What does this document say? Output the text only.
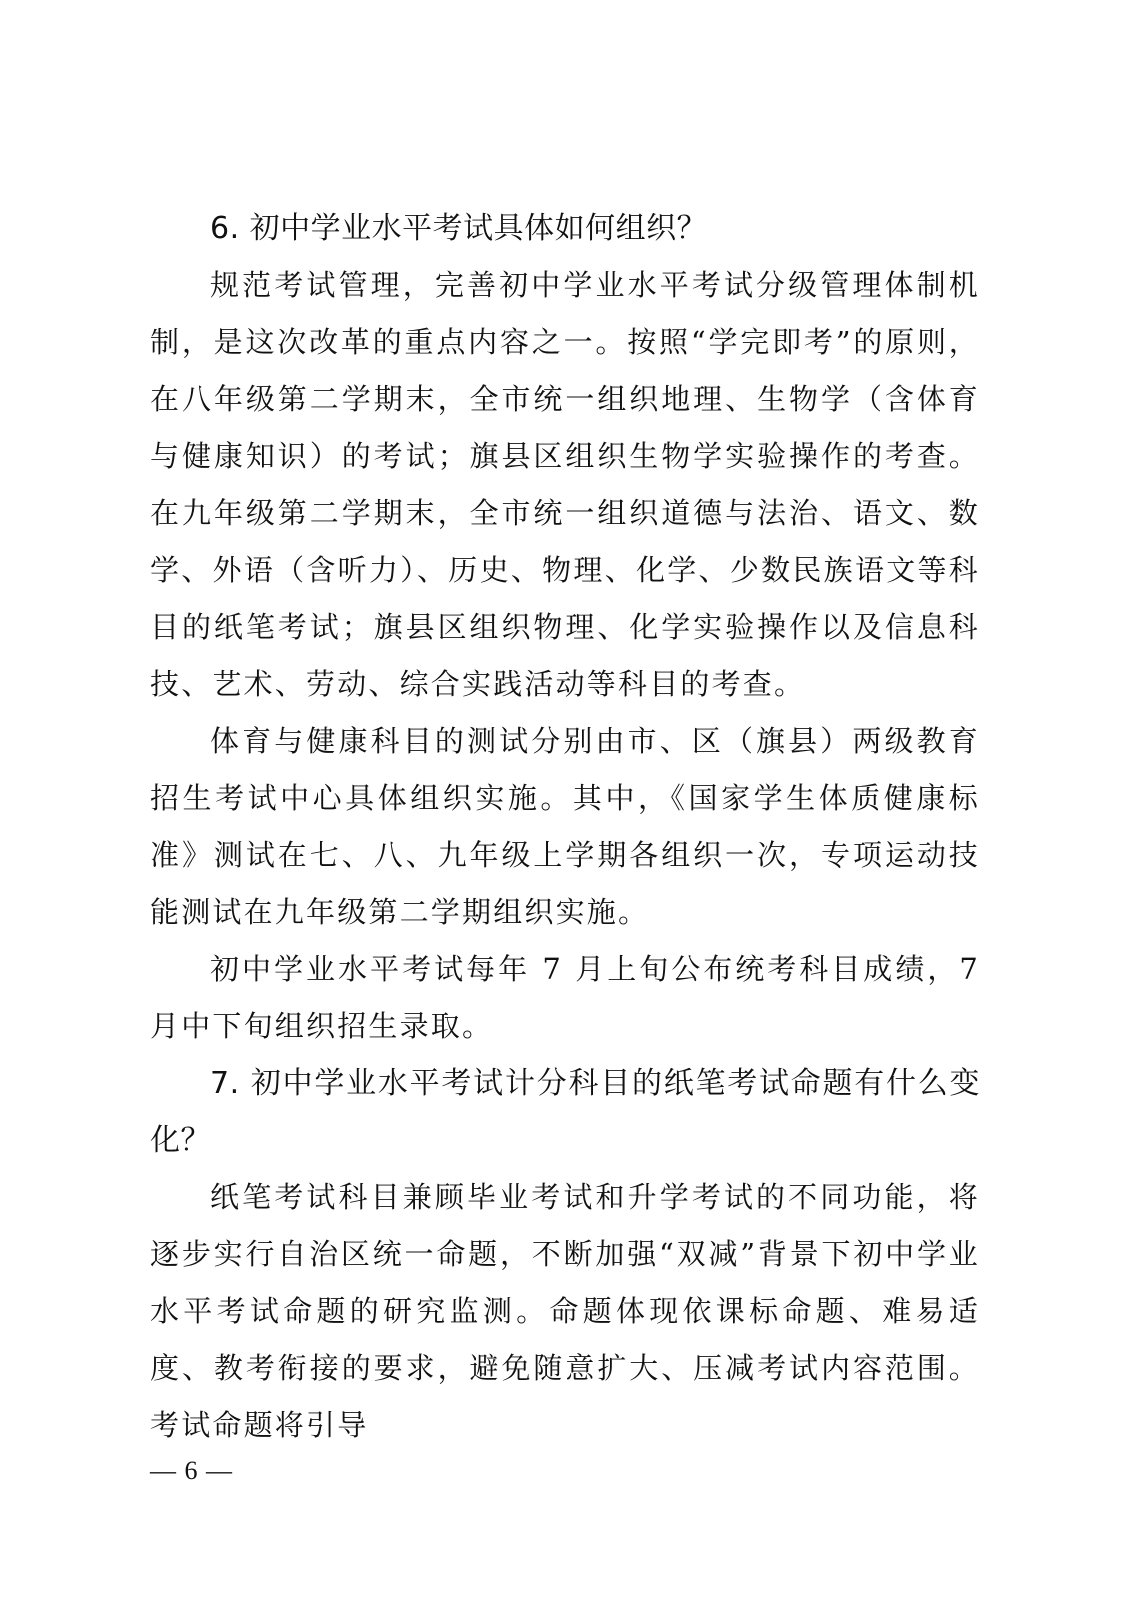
6. 初中学业水平考试具体如何组织？

规范考试管理，完善初中学业水平考试分级管理体制机制，是这次改革的重点内容之一。按照“学完即考”的原则，在八年级第二学期末，全市统一组织地理、生物学（含体育与健康知识）的考试；旗县区组织生物学实验操作的考查。在九年级第二学期末，全市统一组织道德与法治、语文、数学、外语（含听力）、历史、物理、化学、少数民族语文等科目的纸笔考试；旗县区组织物理、化学实验操作以及信息科技、艺术、劳动、综合实践活动等科目的考查。

体育与健康科目的测试分别由市、区（旗县）两级教育招生考试中心具体组织实施。其中，《国家学生体质健康标准》测试在七、八、九年级上学期各组织一次，专项运动技能测试在九年级第二学期组织实施。

初中学业水平考试每年 7 月上旬公布统考科目成绩，7 月中下旬组织招生录取。

7. 初中学业水平考试计分科目的纸笔考试命题有什么变化？

纸笔考试科目兼顾毕业考试和升学考试的不同功能，将逐步实行自治区统一命题，不断加强“双减”背景下初中学业水平考试命题的研究监测。命题体现依课标命题、难易适度、教考衔接的要求，避免随意扩大、压减考试内容范围。考试命题将引导

— 6 —
